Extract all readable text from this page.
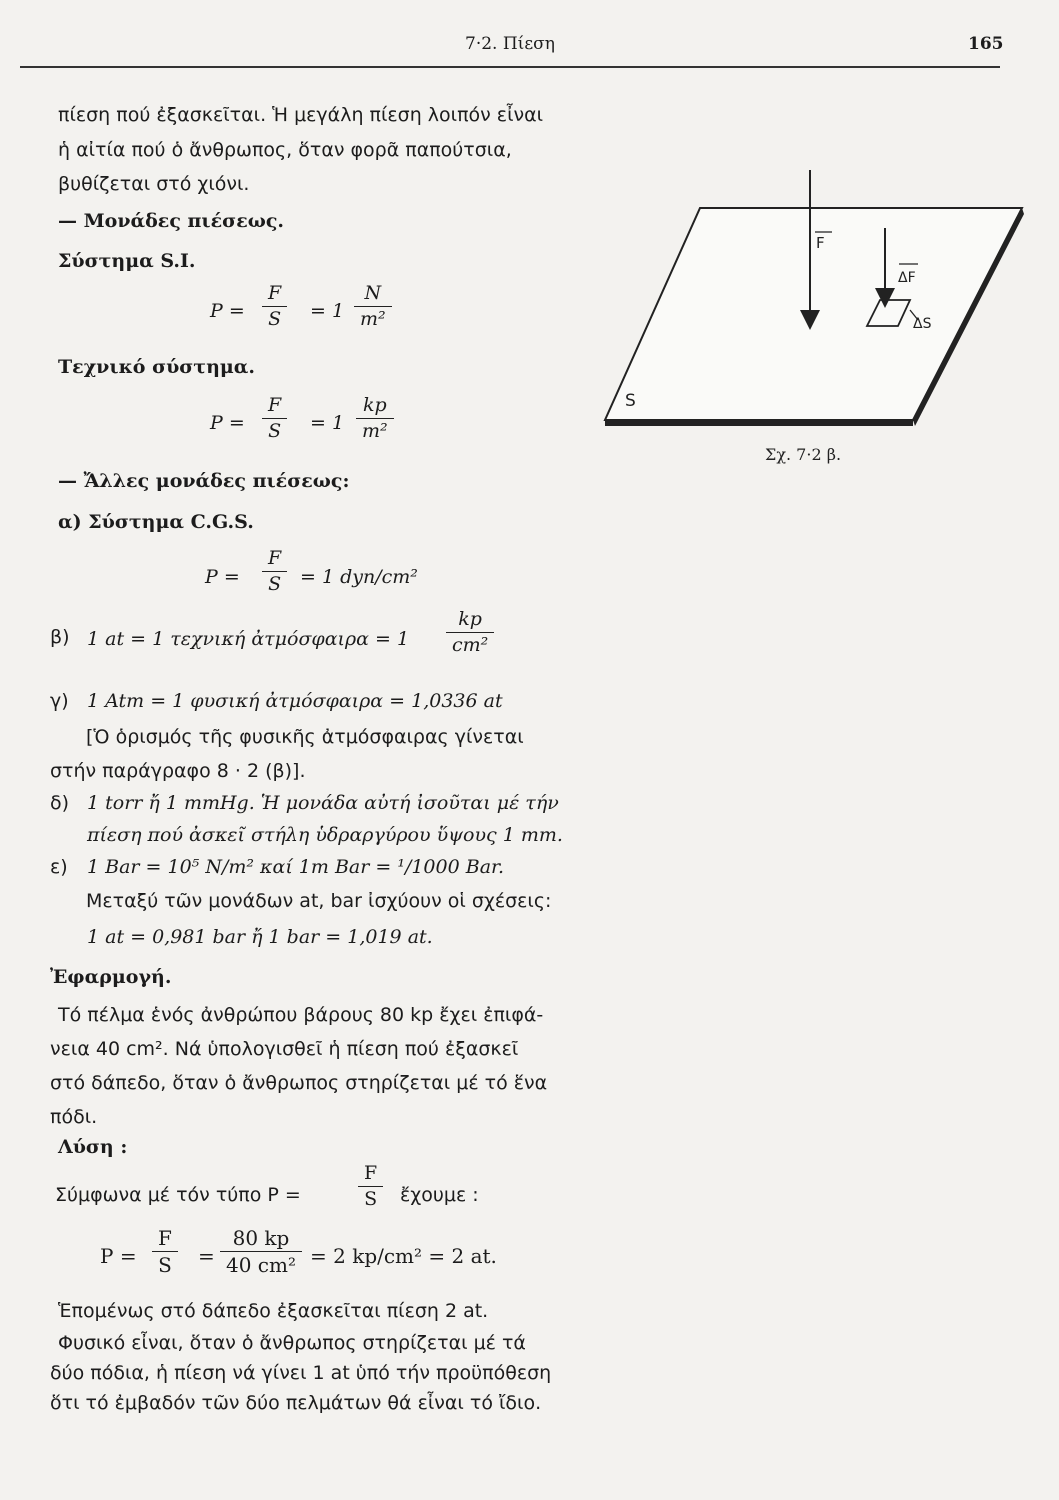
7·2. Πίεση	165
πίεση πού ἐξασκεῖται. Ἡ μεγάλη πίεση λοιπόν εἶναι
ἡ αἰτία πού ὁ ἄνθρωπος, ὅταν φορᾶ παπούτσια,
βυθίζεται στό χιόνι.
— Μονάδες πιέσεως.
Σύστημα S.I.
$P = \frac{F}{S} = 1 \frac{N}{\text{m²}}$
Τεχνικό σύστημα.
$P = \frac{F}{S} = 1 \frac{kp}{\text{m²}}$
— Ἄλλες μονάδες πιέσεως:
α) Σύστημα C.G.S.
$P = \frac{F}{S} = 1$ dyn/cm²
β) 1 at = 1 τεχνική ἀτμόσφαιρα = $1 \frac{kp}{\text{cm²}}$
γ) 1 Atm = 1 φυσική ἀτμόσφαιρα = 1,0336 at
[Ὁ ὁρισμός τῆς φυσικῆς ἀτμόσφαιρας γίνεται
στήν παράγραφο 8 · 2 (β)].
δ) 1 torr ἤ 1 mmHg. Ἡ μονάδα αὐτή ἰσοῦται μέ τήν
πίεση πού ἀσκεῖ στήλη ὑδραργύρου ὕψους 1 mm.
ε) 1 Bar = 10⁵ N/m² καί 1m Bar = ¹/1000 Bar.
Μεταξύ τῶν μονάδων at, bar ἰσχύουν οἱ σχέσεις:
1 at = 0,981 bar ἤ 1 bar = 1,019 at.
Ἐφαρμογή.
Τό πέλμα ἑνός ἀνθρώπου βάρους 80 kp ἔχει ἐπιφά-
νεια 40 cm². Νά ὑπολογισθεῖ ἡ πίεση πού ἐξασκεῖ
στό δάπεδο, ὅταν ὁ ἄνθρωπος στηρίζεται μέ τό ἕνα
πόδι.
Λύση :
Σύμφωνα μέ τόν τύπο P =	$\frac{F}{S}$ ἔχουμε :
$P = \frac{F}{S} = \frac{80 kp}{\text{40 cm²}} = 2$ kp/cm² = 2 at.
Ἑπομένως στό δάπεδο ἐξασκεῖται πίεση 2 at.
Φυσικό εἶναι, ὅταν ὁ ἄνθρωπος στηρίζεται μέ τά
δύο πόδια, ἡ πίεση νά γίνει 1 at ὑπό τήν προϋπόθεση
ὅτι τό ἐμβαδόν τῶν δύο πελμάτων θά εἶναι τό ἴδιο.
F
ΔF
ΔS
S
Σχ. 7·2 β.
